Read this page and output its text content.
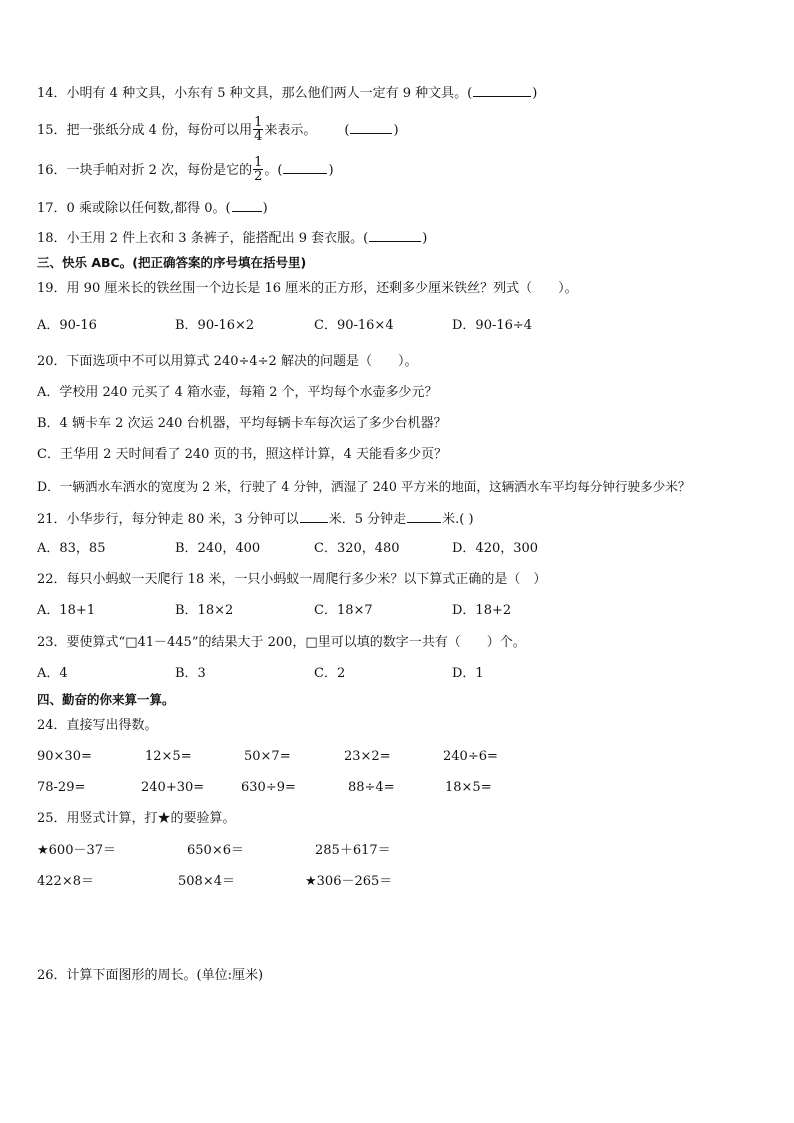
14．小明有 4 种文具，小东有 5 种文具，那么他们两人一定有 9 种文具。(	)
15．把一张纸分成 4 份，每份可以用 $\frac{1}{4}$ 来表示。 (	)
16．一块手帕对折 2 次，每份是它的 $\frac{1}{2}$ 。(	)
17．0 乘或除以任何数,都得 0。( )
18．小王用 2 件上衣和 3 条裤子，能搭配出 9 套衣服。(	)
三、快乐 ABC。(把正确答案的序号填在括号里)
19．用 90 厘米长的铁丝围一个边长是 16 厘米的正方形，还剩多少厘米铁丝？列式（　　）。
A．90-16	B．90-16×2	C．90-16×4	D．90-16÷4
20．下面选项中不可以用算式 240÷4÷2 解决的问题是（　　）。
A．学校用 240 元买了 4 箱水壶，每箱 2 个，平均每个水壶多少元？
B．4 辆卡车 2 次运 240 台机器，平均每辆卡车每次运了多少台机器？
C．王华用 2 天时间看了 240 页的书，照这样计算，4 天能看多少页？
D．一辆洒水车洒水的宽度为 2 米，行驶了 4 分钟，洒湿了 240 平方米的地面，这辆洒水车平均每分钟行驶多少米？
21．小华步行，每分钟走 80 米，3 分钟可以 米．5 分钟走	米.( )
A．83，85	B．240，400	C．320，480	D．420，300
22．每只小蚂蚁一天爬行 18 米，一只小蚂蚁一周爬行多少米？以下算式正确的是（　）
A．18+1	B．18×2	C．18×7	D．18+2
23．要使算式“□41－445”的结果大于 200，□里可以填的数字一共有（　　）个。
A．4	B．3	C．2	D．1
四、勤奋的你来算一算。
24．直接写出得数。
90×30=	12×5=	50×7=	23×2=	240÷6=
78-29=	240+30=	630÷9=	88÷4=	18×5=
25．用竖式计算，打★的要验算。
★600－37＝	650×6＝	285＋617＝
422×8＝	508×4＝	★306－265＝
26．计算下面图形的周长。(单位:厘米)
